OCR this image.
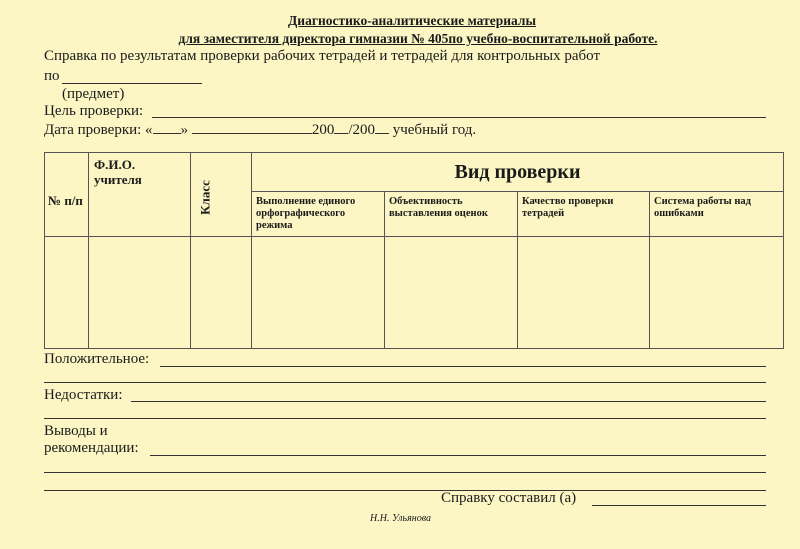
Диагностико-аналитические материалы
для заместителя директора гимназии № 405по учебно-воспитательной работе.
Справка по результатам проверки рабочих тетрадей и тетрадей для контрольных работ
по
(предмет)
Цель проверки:
Дата проверки: « »	200 /200 учебный год.
№ п/п	Ф.И.О. учителя	Класс	Вид проверки			

			Выполнение единого орфографического режима	Объективность выставления оценок	Качество проверки тетрадей	Система работы над ошибками

Положительное:
Недостатки:
Выводы и
рекомендации:
Справку составил (а)
Н.Н. Ульянова
